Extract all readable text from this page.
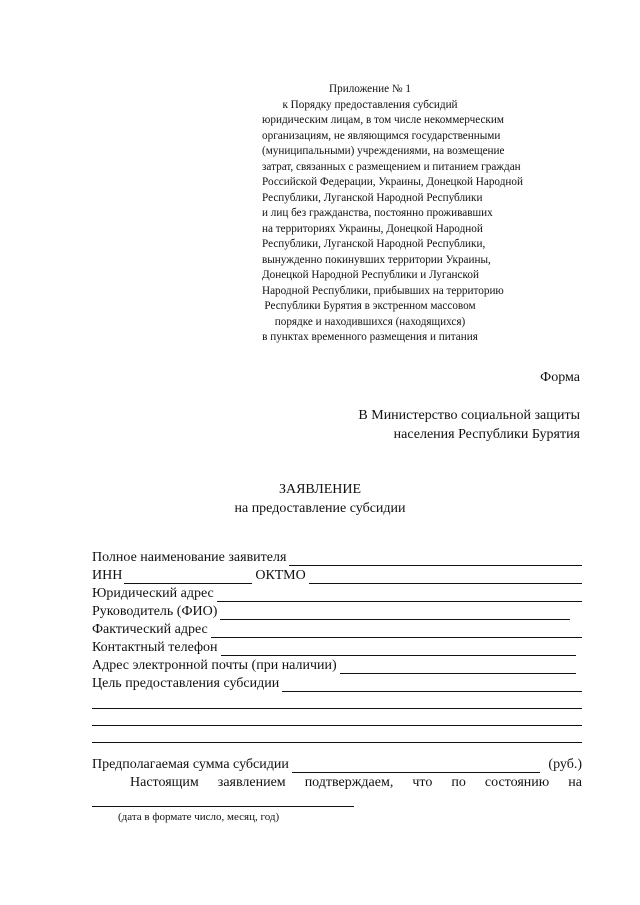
Приложение № 1
к Порядку предоставления субсидий
юридическим лицам, в том числе некоммерческим
организациям, не являющимся государственными
(муниципальными) учреждениями, на возмещение
затрат, связанных с размещением и питанием граждан
Российской Федерации, Украины, Донецкой Народной
Республики, Луганской Народной Республики
и лиц без гражданства, постоянно проживавших
на территориях Украины, Донецкой Народной
Республики, Луганской Народной Республики,
вынужденно покинувших территории Украины,
Донецкой Народной Республики и Луганской
Народной Республики, прибывших на территорию
Республики Бурятия в экстренном массовом
порядке и находившихся (находящихся)
в пунктах временного размещения и питания
Форма
В Министерство социальной защиты
населения Республики Бурятия
ЗАЯВЛЕНИЕ
на предоставление субсидии
Полное наименование заявителя
ИНН	ОКТМО
Юридический адрес
Руководитель (ФИО)
Фактический адрес
Контактный телефон
Адрес электронной почты (при наличии)
Цель предоставления субсидии
Предполагаемая сумма субсидии	(руб.)
Настоящим заявлением подтверждаем, что по состоянию на
(дата в формате число, месяц, год)
